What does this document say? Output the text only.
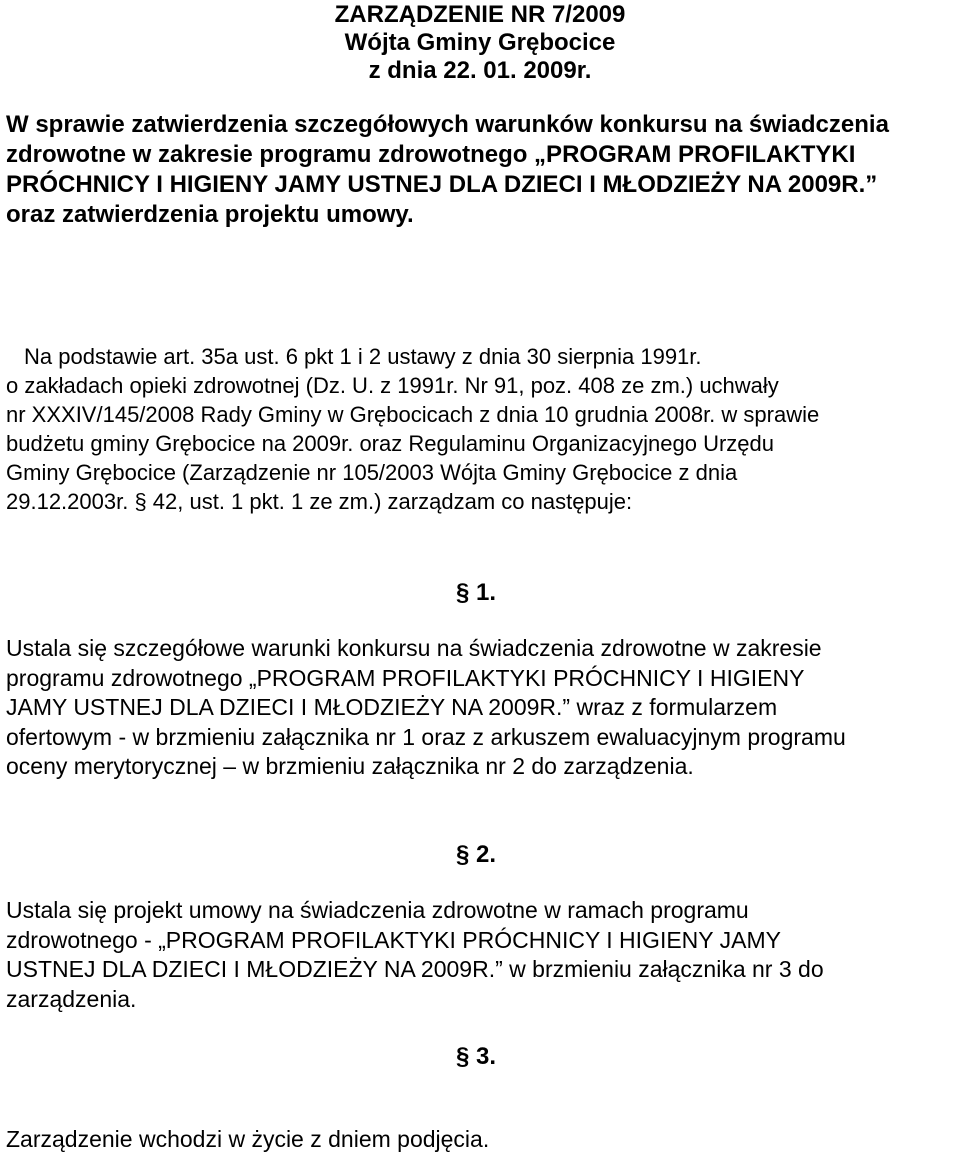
ZARZĄDZENIE NR 7/2009
Wójta Gminy Grębocice
z dnia 22. 01. 2009r.
W sprawie zatwierdzenia szczegółowych warunków konkursu na świadczenia
zdrowotne w zakresie programu zdrowotnego „PROGRAM PROFILAKTYKI
PRÓCHNICY I HIGIENY JAMY USTNEJ DLA DZIECI I MŁODZIEŻY NA 2009R.”
oraz zatwierdzenia projektu umowy.
Na podstawie art. 35a ust. 6 pkt 1 i 2 ustawy z dnia 30 sierpnia 1991r.
o zakładach opieki zdrowotnej (Dz. U. z 1991r. Nr 91, poz. 408 ze zm.) uchwały
nr XXXIV/145/2008 Rady Gminy w Grębocicach z dnia 10 grudnia 2008r. w sprawie
budżetu gminy Grębocice na 2009r. oraz Regulaminu Organizacyjnego Urzędu
Gminy Grębocice (Zarządzenie nr 105/2003 Wójta Gminy Grębocice z dnia
29.12.2003r. § 42, ust. 1 pkt. 1 ze zm.) zarządzam co następuje:
§ 1.
Ustala się szczegółowe warunki konkursu na świadczenia zdrowotne w zakresie
programu zdrowotnego „PROGRAM PROFILAKTYKI PRÓCHNICY I HIGIENY
JAMY USTNEJ DLA DZIECI I MŁODZIEŻY NA 2009R.” wraz z formularzem
ofertowym - w brzmieniu załącznika nr 1 oraz z arkuszem ewaluacyjnym programu
oceny merytorycznej – w brzmieniu załącznika nr 2 do zarządzenia.
§ 2.
Ustala się projekt umowy na świadczenia zdrowotne w ramach programu
zdrowotnego - „PROGRAM PROFILAKTYKI PRÓCHNICY I HIGIENY JAMY
USTNEJ DLA DZIECI I MŁODZIEŻY NA 2009R.” w brzmieniu załącznika nr 3 do
zarządzenia.
§ 3.
Zarządzenie wchodzi w życie z dniem podjęcia.
